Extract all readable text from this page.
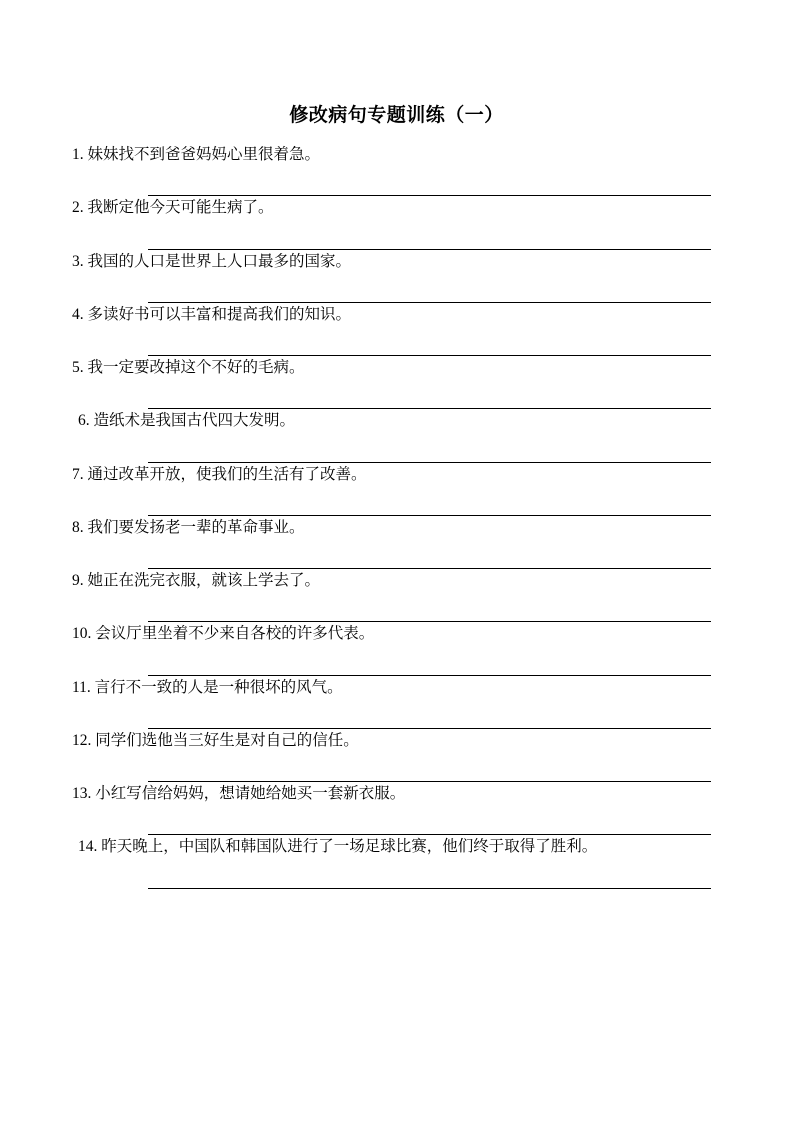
修改病句专题训练（一）
1. 妹妹找不到爸爸妈妈心里很着急。
2. 我断定他今天可能生病了。
3. 我国的人口是世界上人口最多的国家。
4. 多读好书可以丰富和提高我们的知识。
5. 我一定要改掉这个不好的毛病。
6. 造纸术是我国古代四大发明。
7. 通过改革开放，使我们的生活有了改善。
8. 我们要发扬老一辈的革命事业。
9. 她正在洗完衣服，就该上学去了。
10. 会议厅里坐着不少来自各校的许多代表。
11. 言行不一致的人是一种很坏的风气。
12. 同学们选他当三好生是对自己的信任。
13. 小红写信给妈妈，想请她给她买一套新衣服。
14. 昨天晚上，中国队和韩国队进行了一场足球比赛，他们终于取得了胜利。
